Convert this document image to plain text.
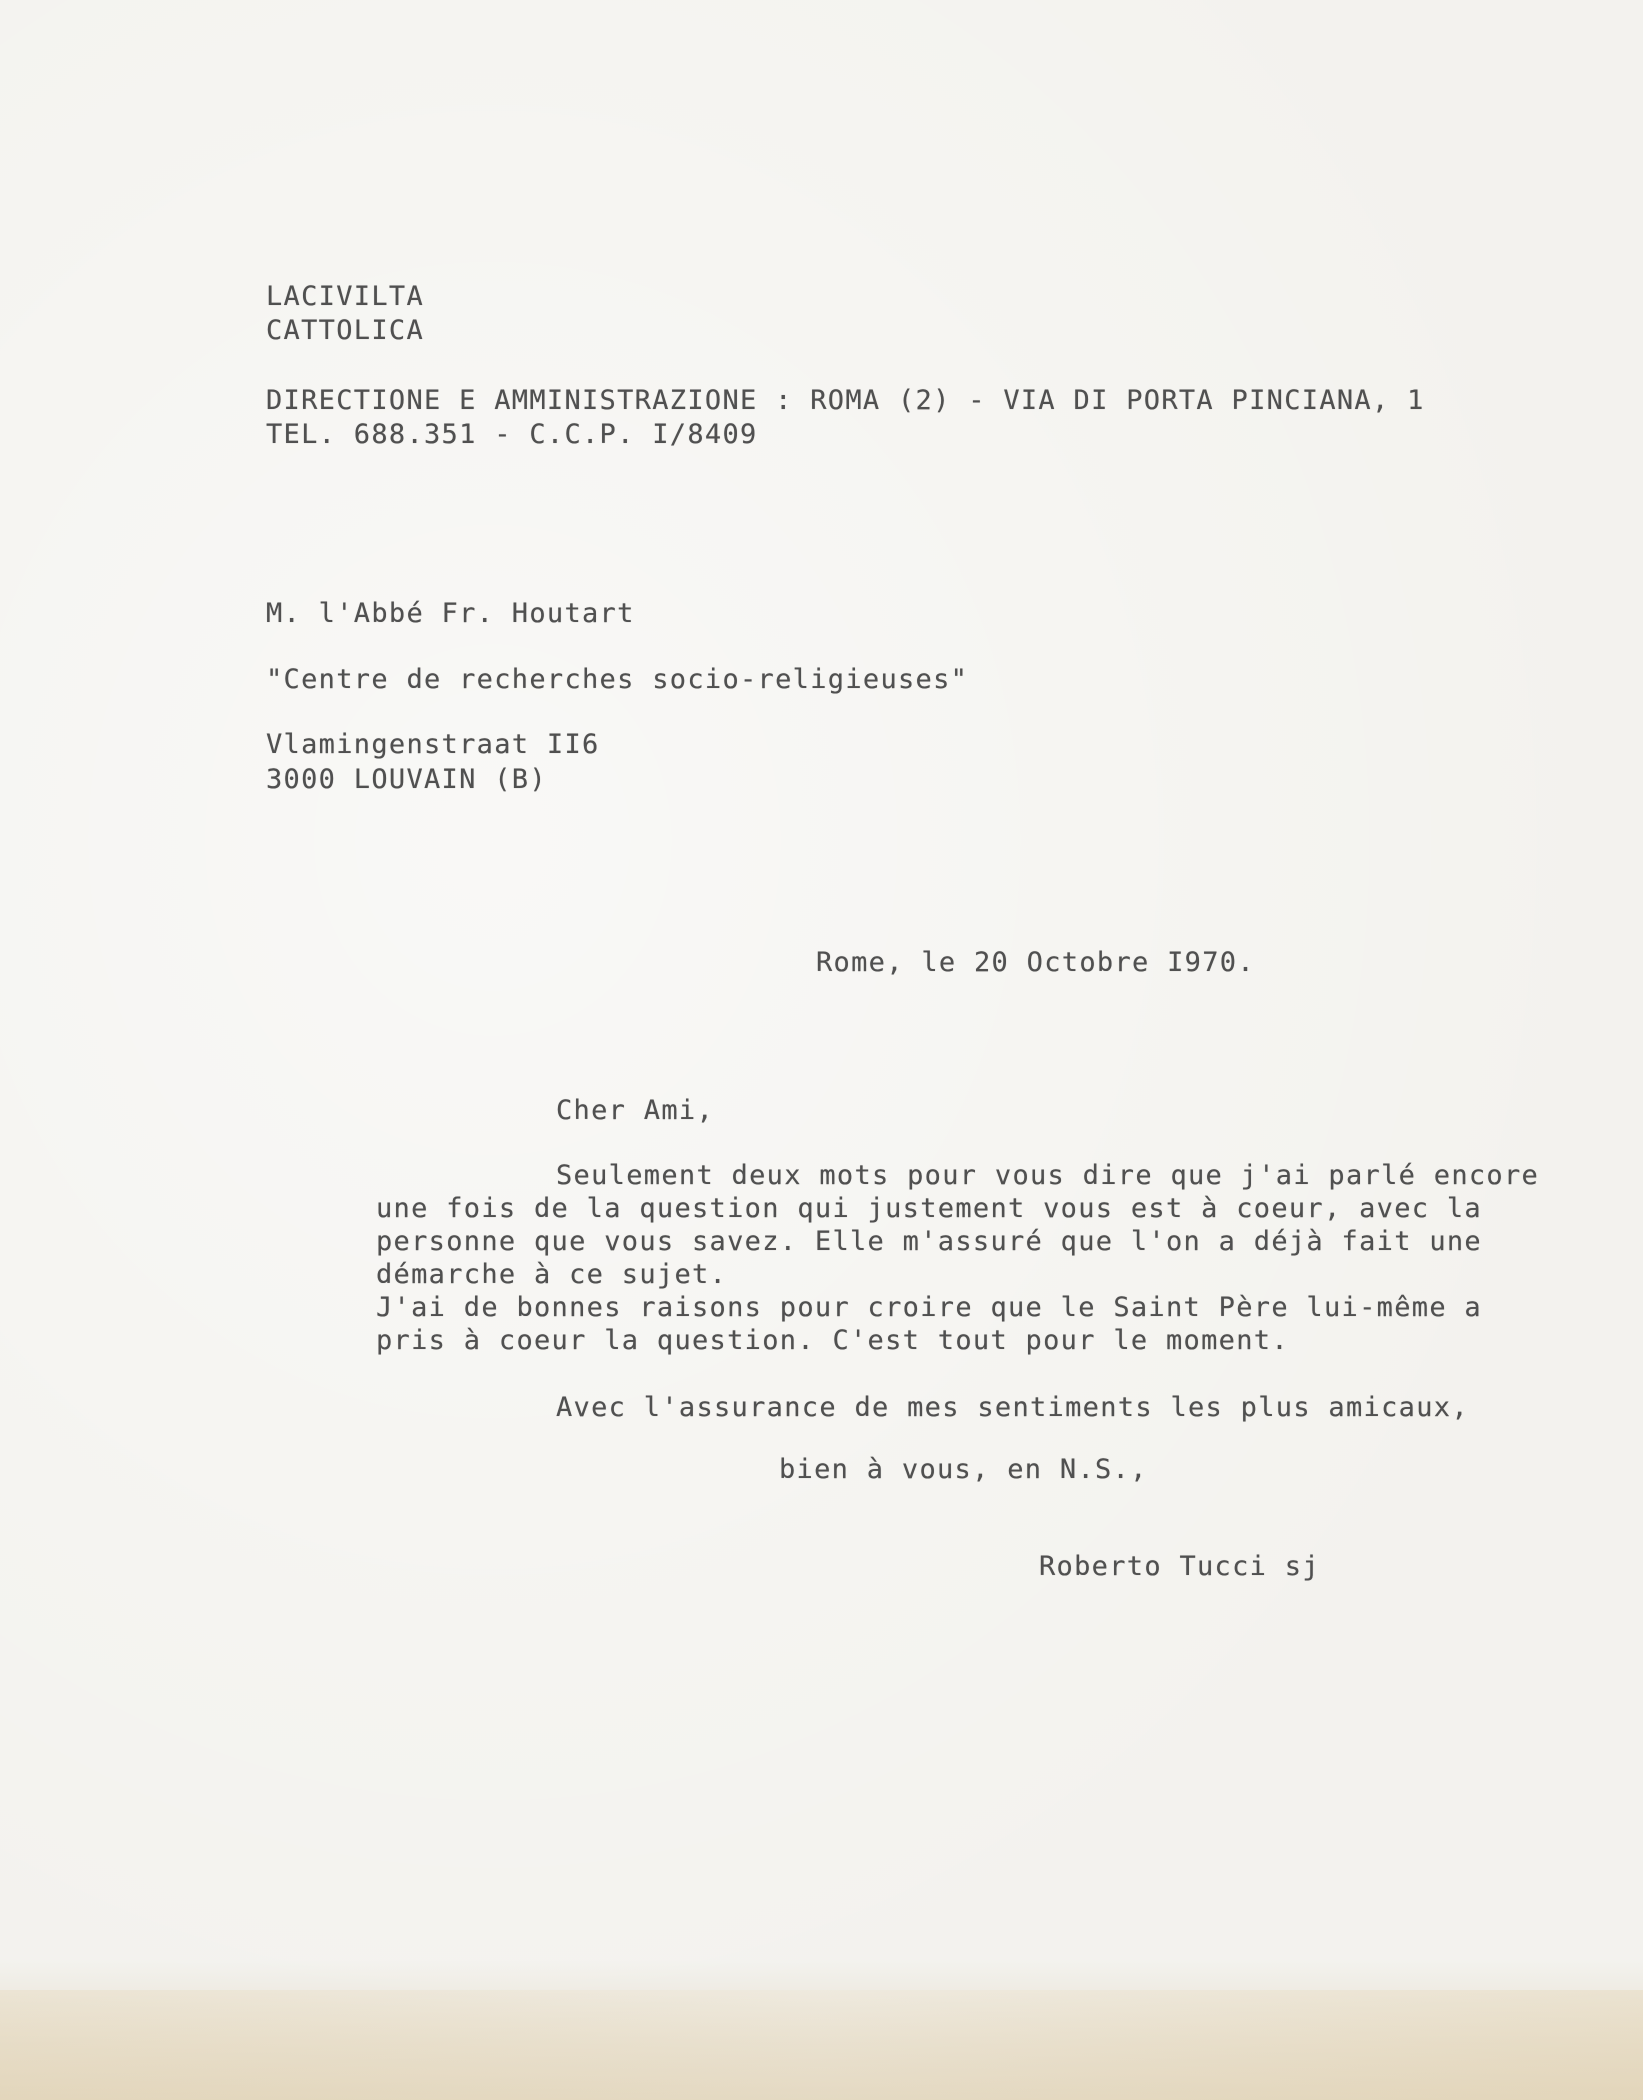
LACIVILTA

CATTOLICA

DIRECTIONE E AMMINISTRAZIONE : ROMA (2) - VIA DI PORTA PINCIANA, 1

TEL. 688.351 - C.C.P. I/8409

M. l'Abbé Fr. Houtart

"Centre de recherches socio-religieuses"

Vlamingenstraat II6

3000 LOUVAIN (B)

Rome, le 20 Octobre I970.

Cher Ami,

Seulement deux mots pour vous dire que j'ai parlé encore

une fois de la question qui justement vous est à coeur, avec la

personne que vous savez. Elle m'assuré que l'on a déjà fait une

démarche à ce sujet.

J'ai de bonnes raisons pour croire que le Saint Père lui-même a

pris à coeur la question. C'est tout pour le moment.

Avec l'assurance de mes sentiments les plus amicaux,

bien à vous, en N.S.,

Roberto Tucci sj
